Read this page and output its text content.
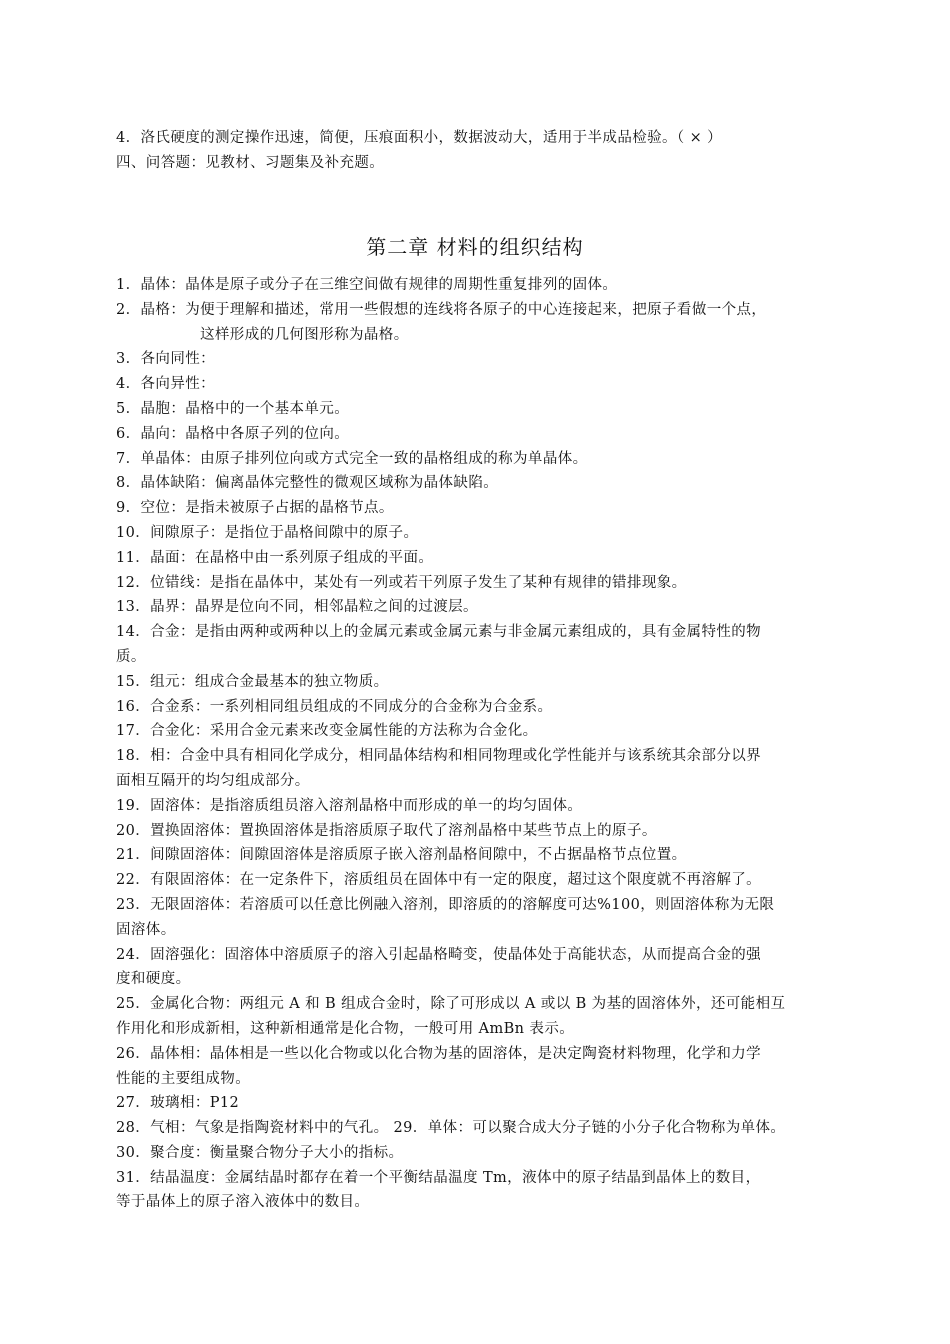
4．洛氏硬度的测定操作迅速，简便，压痕面积小，数据波动大，适用于半成品检验。（ × ）
四、问答题：见教材、习题集及补充题。
第二章 材料的组织结构
1．晶体：晶体是原子或分子在三维空间做有规律的周期性重复排列的固体。
2．晶格：为便于理解和描述，常用一些假想的连线将各原子的中心连接起来，把原子看做一个点，
这样形成的几何图形称为晶格。
3．各向同性：
4．各向异性：
5．晶胞：晶格中的一个基本单元。
6．晶向：晶格中各原子列的位向。
7．单晶体：由原子排列位向或方式完全一致的晶格组成的称为单晶体。
8．晶体缺陷：偏离晶体完整性的微观区域称为晶体缺陷。
9．空位：是指未被原子占据的晶格节点。
10．间隙原子：是指位于晶格间隙中的原子。
11．晶面：在晶格中由一系列原子组成的平面。
12．位错线：是指在晶体中，某处有一列或若干列原子发生了某种有规律的错排现象。
13．晶界：晶界是位向不同，相邻晶粒之间的过渡层。
14．合金：是指由两种或两种以上的金属元素或金属元素与非金属元素组成的，具有金属特性的物
质。
15．组元：组成合金最基本的独立物质。
16．合金系：一系列相同组员组成的不同成分的合金称为合金系。
17．合金化：采用合金元素来改变金属性能的方法称为合金化。
18．相：合金中具有相同化学成分，相同晶体结构和相同物理或化学性能并与该系统其余部分以界
面相互隔开的均匀组成部分。
19．固溶体：是指溶质组员溶入溶剂晶格中而形成的单一的均匀固体。
20．置换固溶体：置换固溶体是指溶质原子取代了溶剂晶格中某些节点上的原子。
21．间隙固溶体：间隙固溶体是溶质原子嵌入溶剂晶格间隙中，不占据晶格节点位置。
22．有限固溶体：在一定条件下，溶质组员在固体中有一定的限度，超过这个限度就不再溶解了。
23．无限固溶体：若溶质可以任意比例融入溶剂，即溶质的的溶解度可达%100，则固溶体称为无限
固溶体。
24．固溶强化：固溶体中溶质原子的溶入引起晶格畸变，使晶体处于高能状态，从而提高合金的强
度和硬度。
25．金属化合物：两组元 A 和 B 组成合金时，除了可形成以 A 或以 B 为基的固溶体外，还可能相互
作用化和形成新相，这种新相通常是化合物，一般可用 AmBn 表示。
26．晶体相：晶体相是一些以化合物或以化合物为基的固溶体，是决定陶瓷材料物理，化学和力学
性能的主要组成物。
27．玻璃相：P12
28．气相：气象是指陶瓷材料中的气孔。 29．单体：可以聚合成大分子链的小分子化合物称为单体。
30．聚合度：衡量聚合物分子大小的指标。
31．结晶温度：金属结晶时都存在着一个平衡结晶温度 Tm，液体中的原子结晶到晶体上的数目，
等于晶体上的原子溶入液体中的数目。
